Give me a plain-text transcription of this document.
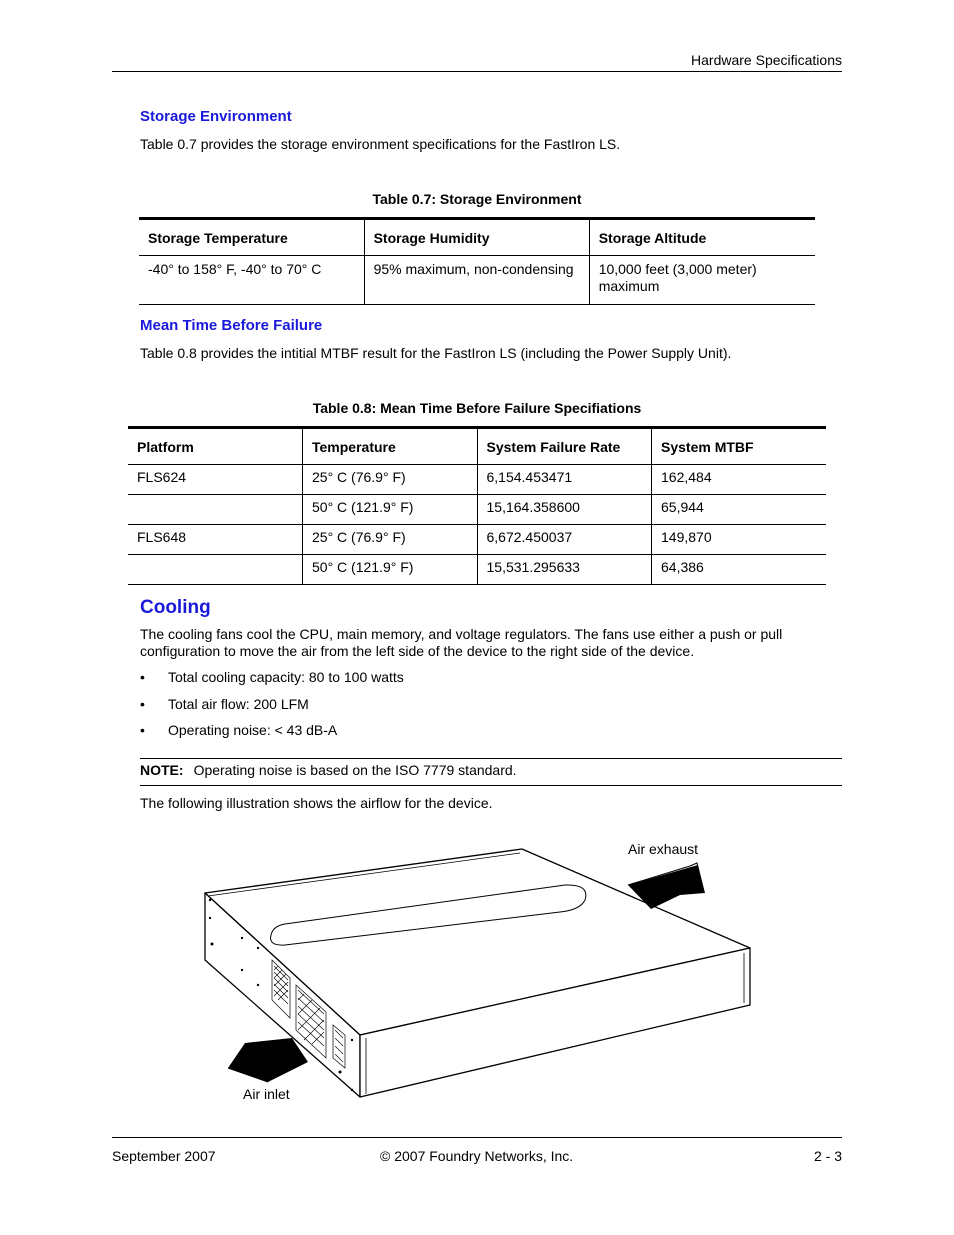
Hardware Specifications
Storage Environment
Table 0.7 provides the storage environment specifications for the FastIron LS.
Table 0.7: Storage Environment
Storage Temperature	Storage Humidity	Storage Altitude
-40° to 158° F, -40° to 70° C	95% maximum, non-condensing	10,000 feet (3,000 meter) maximum
Mean Time Before Failure
Table 0.8 provides the intitial MTBF result for the FastIron LS (including the Power Supply Unit).
Table 0.8: Mean Time Before Failure Specifiations
Platform	Temperature	System Failure Rate	System MTBF
FLS624	25° C (76.9° F)	6,154.453471	162,484
	50° C (121.9° F)	15,164.358600	65,944
FLS648	25° C (76.9° F)	6,672.450037	149,870
	50° C (121.9° F)	15,531.295633	64,386
Cooling
The cooling fans cool the CPU, main memory, and voltage regulators. The fans use either a push or pull configuration to move the air from the left side of the device to the right side of the device.
• Total cooling capacity: 80 to 100 watts
• Total air flow: 200 LFM
• Operating noise: < 43 dB-A
NOTE: Operating noise is based on the ISO 7779 standard.
The following illustration shows the airflow for the device.
Air exhaust
Air inlet
September 2007	© 2007 Foundry Networks, Inc.	2 - 3
